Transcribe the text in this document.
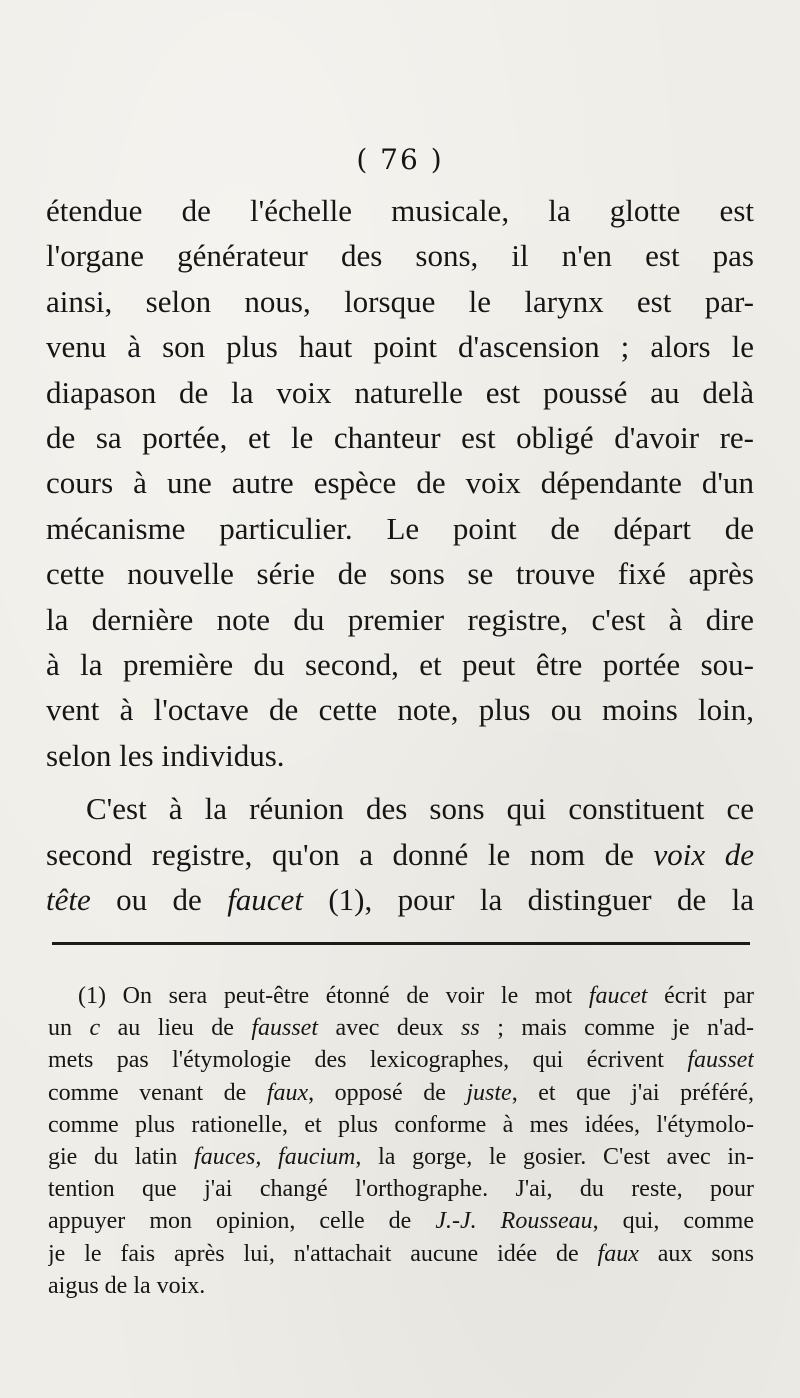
( 76 )
étendue de l'échelle musicale, la glotte est
l'organe générateur des sons, il n'en est pas
ainsi, selon nous, lorsque le larynx est par-
venu à son plus haut point d'ascension ; alors le
diapason de la voix naturelle est poussé au delà
de sa portée, et le chanteur est obligé d'avoir re-
cours à une autre espèce de voix dépendante d'un
mécanisme particulier. Le point de départ de
cette nouvelle série de sons se trouve fixé après
la dernière note du premier registre, c'est à dire
à la première du second, et peut être portée sou-
vent à l'octave de cette note, plus ou moins loin,
selon les individus.
C'est à la réunion des sons qui constituent ce
second registre, qu'on a donné le nom de voix de
tête ou de faucet (1), pour la distinguer de la
(1) On sera peut-être étonné de voir le mot faucet écrit par
un c au lieu de fausset avec deux ss ; mais comme je n'ad-
mets pas l'étymologie des lexicographes, qui écrivent fausset
comme venant de faux, opposé de juste, et que j'ai préféré,
comme plus rationelle, et plus conforme à mes idées, l'étymolo-
gie du latin fauces, faucium, la gorge, le gosier. C'est avec in-
tention que j'ai changé l'orthographe. J'ai, du reste, pour
appuyer mon opinion, celle de J.-J. Rousseau, qui, comme
je le fais après lui, n'attachait aucune idée de faux aux sons
aigus de la voix.
